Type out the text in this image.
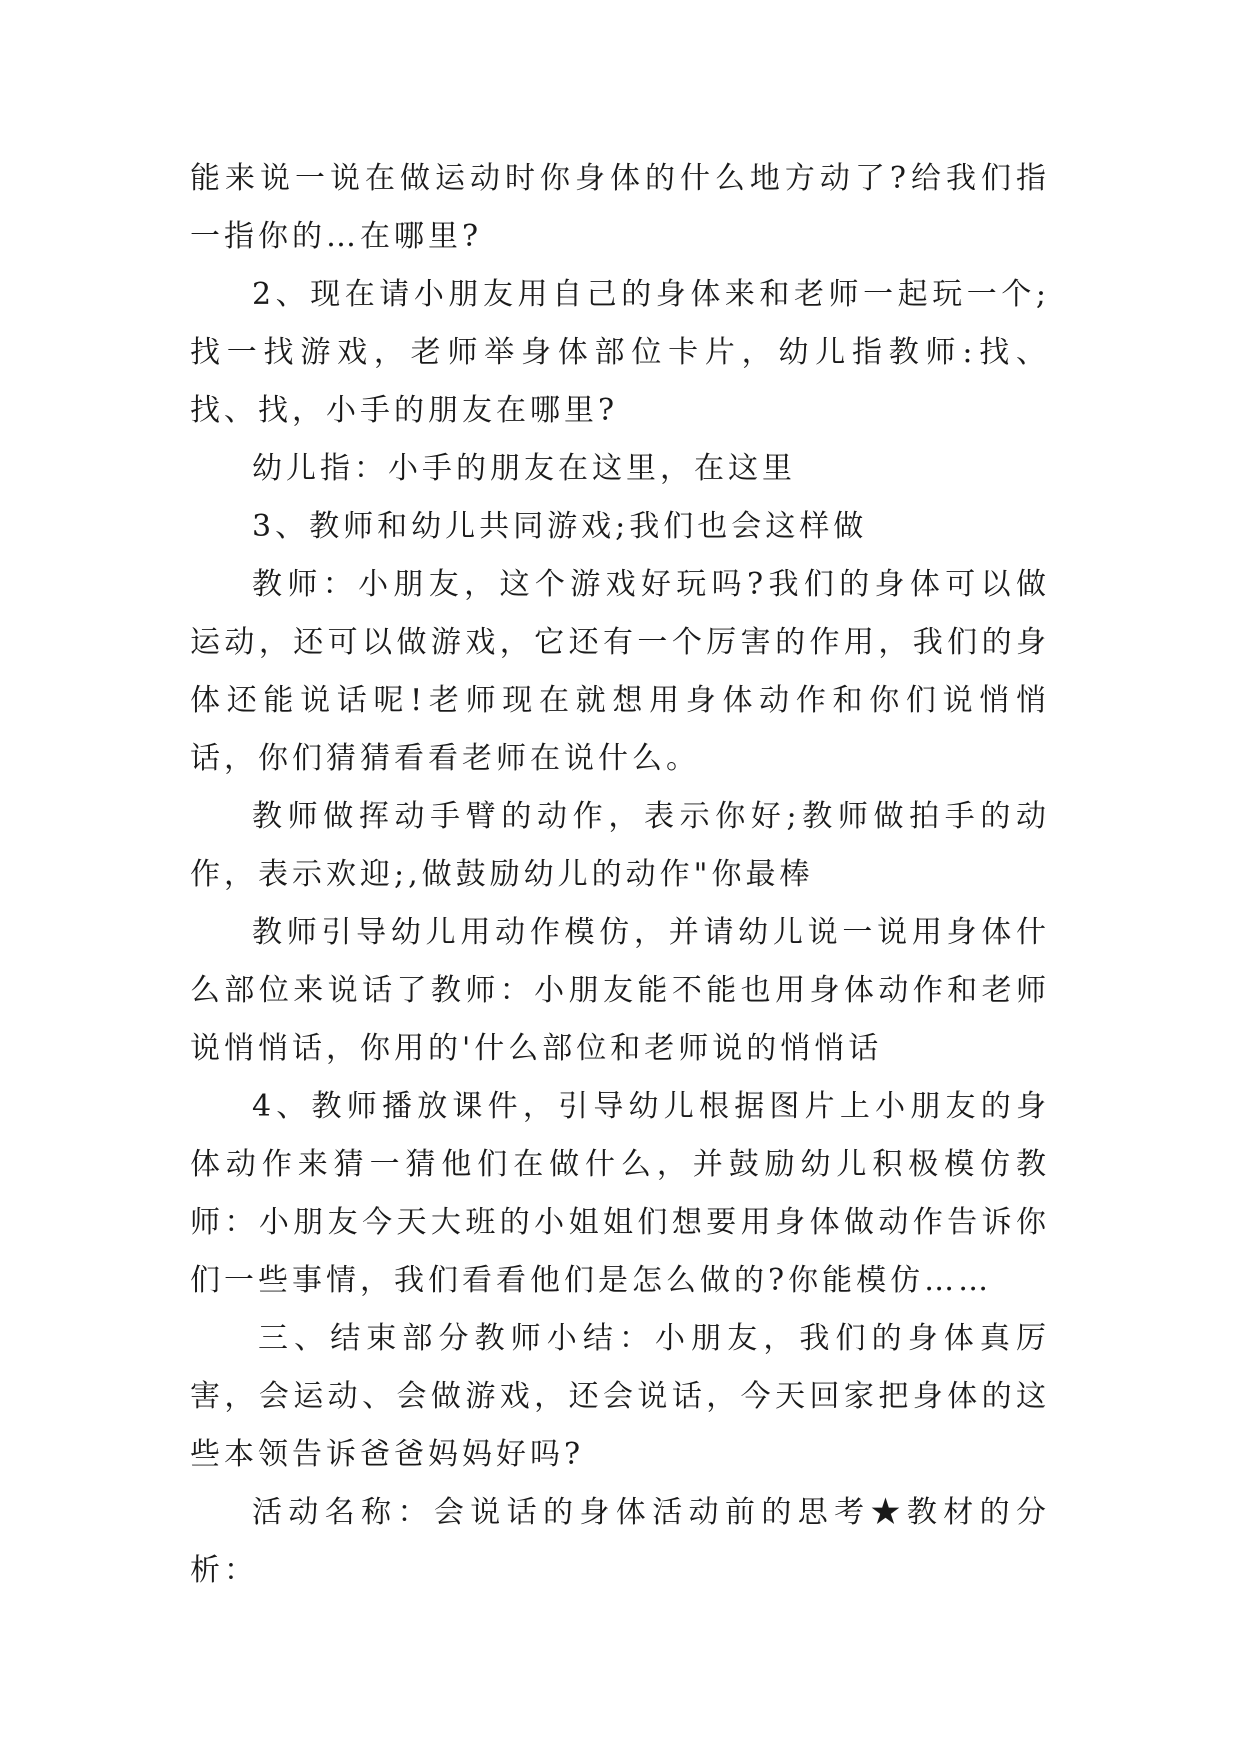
能来说一说在做运动时你身体的什么地方动了?给我们指一指你的…在哪里?

2、现在请小朋友用自己的身体来和老师一起玩一个;找一找游戏，老师举身体部位卡片，幼儿指教师:找、找、找，小手的朋友在哪里?

幼儿指：小手的朋友在这里，在这里

3、教师和幼儿共同游戏;我们也会这样做

教师：小朋友，这个游戏好玩吗?我们的身体可以做运动，还可以做游戏，它还有一个厉害的作用，我们的身体还能说话呢!老师现在就想用身体动作和你们说悄悄话，你们猜猜看看老师在说什么。

教师做挥动手臂的动作，表示你好;教师做拍手的动作，表示欢迎;,做鼓励幼儿的动作"你最棒

教师引导幼儿用动作模仿，并请幼儿说一说用身体什么部位来说话了教师：小朋友能不能也用身体动作和老师说悄悄话，你用的'什么部位和老师说的悄悄话

4、教师播放课件，引导幼儿根据图片上小朋友的身体动作来猜一猜他们在做什么，并鼓励幼儿积极模仿教师：小朋友今天大班的小姐姐们想要用身体做动作告诉你们一些事情，我们看看他们是怎么做的?你能模仿……

三、结束部分教师小结：小朋友，我们的身体真厉害，会运动、会做游戏，还会说话，今天回家把身体的这些本领告诉爸爸妈妈好吗?

活动名称：会说话的身体活动前的思考★教材的分析：
